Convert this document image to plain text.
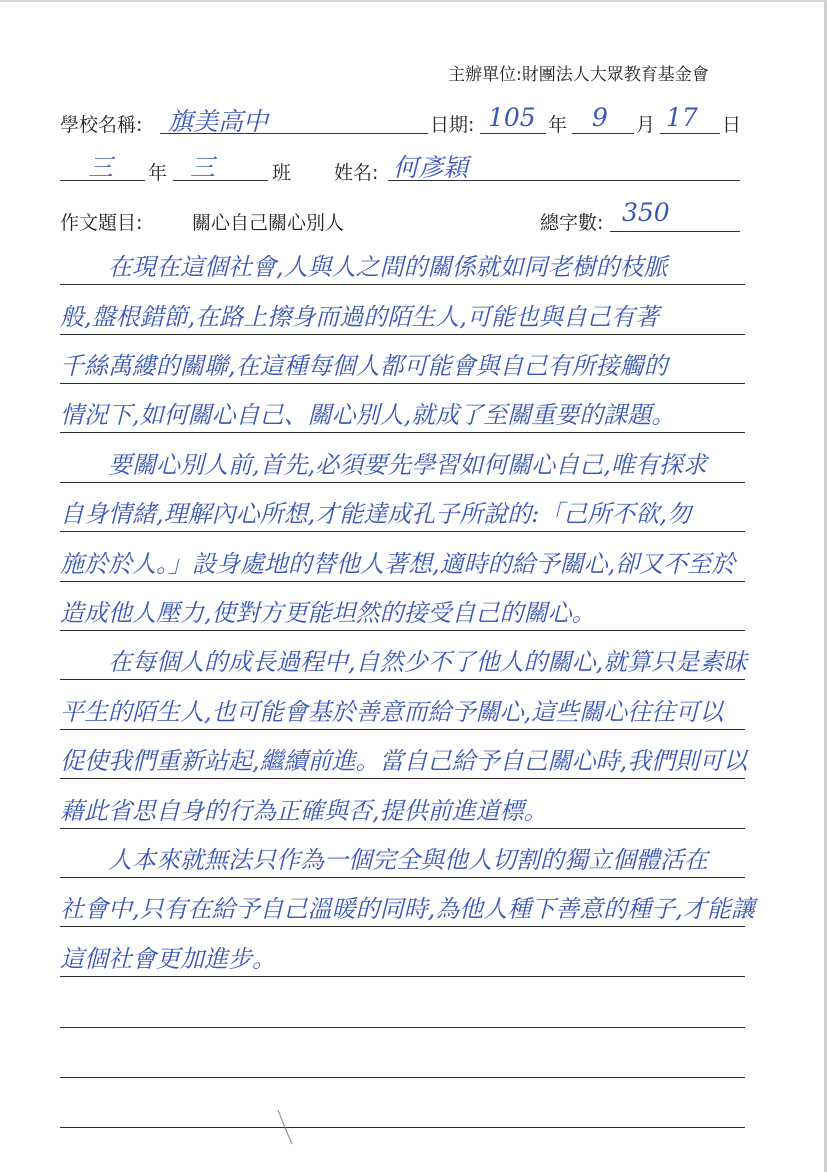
主辦單位:財團法人大眾教育基金會
學校名稱: 旗美高中	日期: 105 年 9 月 17 日
三 年 三	班 姓名: 何彥穎
作文題目:	關心自己關心別人	總字數: 350
　　在現在這個社會,人與人之間的關係就如同老樹的枝脈
般,盤根錯節,在路上擦身而過的陌生人,可能也與自己有著
千絲萬縷的關聯,在這種每個人都可能會與自己有所接觸的
情況下,如何關心自己、關心別人,就成了至關重要的課題。
　　要關心別人前,首先,必須要先學習如何關心自己,唯有探求
自身情緒,理解內心所想,才能達成孔子所說的:「己所不欲,勿
施於於人。」設身處地的替他人著想,適時的給予關心,卻又不至於
造成他人壓力,使對方更能坦然的接受自己的關心。
　　在每個人的成長過程中,自然少不了他人的關心,就算只是素昧
平生的陌生人,也可能會基於善意而給予關心,這些關心往往可以
促使我們重新站起,繼續前進。當自己給予自己關心時,我們則可以
藉此省思自身的行為正確與否,提供前進道標。
　　人本來就無法只作為一個完全與他人切割的獨立個體活在
社會中,只有在給予自己溫暖的同時,為他人種下善意的種子,才能讓
這個社會更加進步。
